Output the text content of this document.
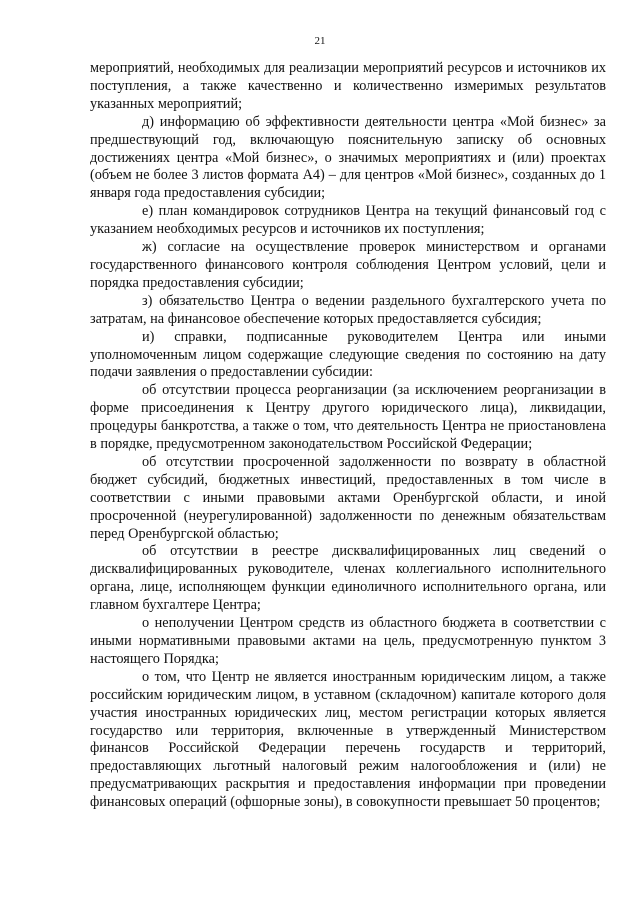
21

мероприятий, необходимых для реализации мероприятий ресурсов и источников их поступления, а также качественно и количественно измеримых результатов указанных мероприятий;

д) информацию об эффективности деятельности центра «Мой бизнес» за предшествующий год, включающую пояснительную записку об основных достижениях центра «Мой бизнес», о значимых мероприятиях и (или) проектах (объем не более 3 листов формата А4) – для центров «Мой бизнес», созданных до 1 января года предоставления субсидии;

е) план командировок сотрудников Центра на текущий финансовый год с указанием необходимых ресурсов и источников их поступления;

ж) согласие на осуществление проверок министерством и органами государственного финансового контроля соблюдения Центром условий, цели и порядка предоставления субсидии;

з) обязательство Центра о ведении раздельного бухгалтерского учета по затратам, на финансовое обеспечение которых предоставляется субсидия;

и) справки, подписанные руководителем Центра или иными уполномоченным лицом содержащие следующие сведения по состоянию на дату подачи заявления о предоставлении субсидии:

об отсутствии процесса реорганизации (за исключением реорганизации в форме присоединения к Центру другого юридического лица), ликвидации, процедуры банкротства, а также о том, что деятельность Центра не приостановлена в порядке, предусмотренном законодательством Российской Федерации;

об отсутствии просроченной задолженности по возврату в областной бюджет субсидий, бюджетных инвестиций, предоставленных в том числе в соответствии с иными правовыми актами Оренбургской области, и иной просроченной (неурегулированной) задолженности по денежным обязательствам перед Оренбургской областью;

об отсутствии в реестре дисквалифицированных лиц сведений о дисквалифицированных руководителе, членах коллегиального исполнительного органа, лице, исполняющем функции единоличного исполнительного органа, или главном бухгалтере Центра;

о неполучении Центром средств из областного бюджета в соответствии с иными нормативными правовыми актами на цель, предусмотренную пунктом 3 настоящего Порядка;

о том, что Центр не является иностранным юридическим лицом, а также российским юридическим лицом, в уставном (складочном) капитале которого доля участия иностранных юридических лиц, местом регистрации которых является государство или территория, включенные в утвержденный Министерством финансов Российской Федерации перечень государств и территорий, предоставляющих льготный налоговый режим налогообложения и (или) не предусматривающих раскрытия и предоставления информации при проведении финансовых операций (офшорные зоны), в совокупности превышает 50 процентов;
